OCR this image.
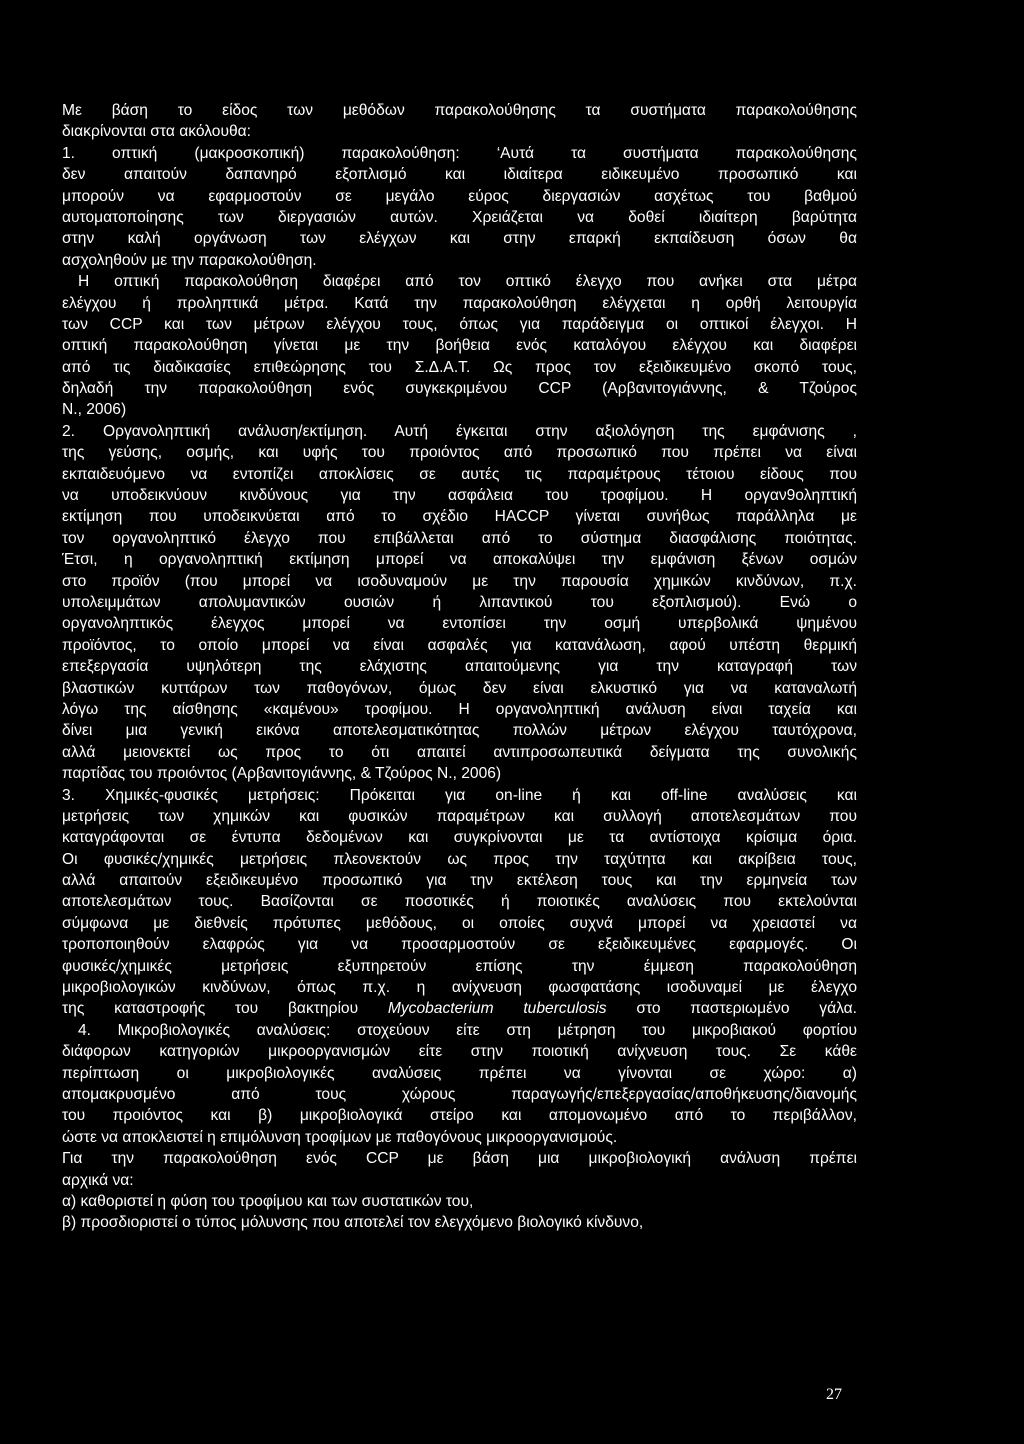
Με βάση το είδος των μεθόδων παρακολούθησης τα συστήματα παρακολούθησης
διακρίνονται στα ακόλουθα:
1. οπτική (μακροσκοπική) παρακολούθηση: ‘Αυτά τα συστήματα παρακολούθησης
δεν απαιτούν δαπανηρό εξοπλισμό και ιδιαίτερα ειδικευμένο προσωπικό και
μπορούν να εφαρμοστούν σε μεγάλο εύρος διεργασιών ασχέτως του βαθμού
αυτοματοποίησης των διεργασιών αυτών. Χρειάζεται να δοθεί ιδιαίτερη βαρύτητα
στην καλή οργάνωση των ελέγχων και στην επαρκή εκπαίδευση όσων θα
ασχοληθούν με την παρακολούθηση.
Η οπτική παρακολούθηση διαφέρει από τον οπτικό έλεγχο που ανήκει στα μέτρα
ελέγχου ή προληπτικά μέτρα. Κατά την παρακολούθηση ελέγχεται η ορθή λειτουργία
των CCP και των μέτρων ελέγχου τους, όπως για παράδειγμα οι οπτικοί έλεγχοι. Η
οπτική παρακολούθηση γίνεται με την βοήθεια ενός καταλόγου ελέγχου και διαφέρει
από τις διαδικασίες επιθεώρησης του Σ.Δ.Α.Τ. Ως προς τον εξειδικευμένο σκοπό τους,
δηλαδή την παρακολούθηση ενός συγκεκριμένου CCP (Αρβανιτογιάννης, & Τζούρος
Ν., 2006)
2. Οργανοληπτική ανάλυση/εκτίμηση. Αυτή έγκειται στην αξιολόγηση της εμφάνισης ,
της γεύσης, οσμής, και υφής του προιόντος από προσωπικό που πρέπει να είναι
εκπαιδευόμενο να εντοπίζει αποκλίσεις σε αυτές τις παραμέτρους τέτοιου είδους που
να υποδεικνύουν κινδύνους για την ασφάλεια του τροφίμου. Η οργαν9οληπτική
εκτίμηση που υποδεικνύεται από το σχέδιο HACCP γίνεται συνήθως παράλληλα με
τον οργανοληπτικό έλεγχο που επιβάλλεται από το σύστημα διασφάλισης ποιότητας.
Έτσι, η οργανοληπτική εκτίμηση μπορεί να αποκαλύψει την εμφάνιση ξένων οσμών
στο προϊόν (που μπορεί να ισοδυναμούν με την παρουσία χημικών κινδύνων, π.χ.
υπολειμμάτων απολυμαντικών ουσιών ή λιπαντικού του εξοπλισμού). Ενώ ο
οργανοληπτικός έλεγχος μπορεί να εντοπίσει την οσμή υπερβολικά ψημένου
προϊόντος, το οποίο μπορεί να είναι ασφαλές για κατανάλωση, αφού υπέστη θερμική
επεξεργασία υψηλότερη της ελάχιστης απαιτούμενης για την καταγραφή των
βλαστικών κυττάρων των παθογόνων, όμως δεν είναι ελκυστικό για να καταναλωτή
λόγω της αίσθησης «καμένου» τροφίμου. Η οργανοληπτική ανάλυση είναι ταχεία και
δίνει μια γενική εικόνα αποτελεσματικότητας πολλών μέτρων ελέγχου ταυτόχρονα,
αλλά μειονεκτεί ως προς το ότι απαιτεί αντιπροσωπευτικά δείγματα της συνολικής
παρτίδας του προιόντος (Αρβανιτογιάννης, & Τζούρος Ν., 2006)
3. Χημικές-φυσικές μετρήσεις: Πρόκειται για on-line ή και off-line αναλύσεις και
μετρήσεις των χημικών και φυσικών παραμέτρων και συλλογή αποτελεσμάτων που
καταγράφονται σε έντυπα δεδομένων και συγκρίνονται με τα αντίστοιχα κρίσιμα όρια.
Οι φυσικές/χημικές μετρήσεις πλεονεκτούν ως προς την ταχύτητα και ακρίβεια τους,
αλλά απαιτούν εξειδικευμένο προσωπικό για την εκτέλεση τους και την ερμηνεία των
αποτελεσμάτων τους. Βασίζονται σε ποσοτικές ή ποιοτικές αναλύσεις που εκτελούνται
σύμφωνα με διεθνείς πρότυπες μεθόδους, οι οποίες συχνά μπορεί να χρειαστεί να
τροποποιηθούν ελαφρώς για να προσαρμοστούν σε εξειδικευμένες εφαρμογές. Οι
φυσικές/χημικές μετρήσεις εξυπηρετούν επίσης την έμμεση παρακολούθηση
μικροβιολογικών κινδύνων, όπως π.χ. η ανίχνευση φωσφατάσης ισοδυναμεί με έλεγχο
της καταστροφής του βακτηρίου Mycobacterium tuberculosis στο παστεριωμένο γάλα.
4. Μικροβιολογικές αναλύσεις: στοχεύουν είτε στη μέτρηση του μικροβιακού φορτίου
διάφορων κατηγοριών μικροοργανισμών είτε στην ποιοτική ανίχνευση τους. Σε κάθε
περίπτωση οι μικροβιολογικές αναλύσεις πρέπει να γίνονται σε χώρο: α)
απομακρυσμένο από τους χώρους παραγωγής/επεξεργασίας/αποθήκευσης/διανομής
του προιόντος και β) μικροβιολογικά στείρο και απομονωμένο από το περιβάλλον,
ώστε να αποκλειστεί η επιμόλυνση τροφίμων με παθογόνους μικροοργανισμούς.
Για την παρακολούθηση ενός CCP με βάση μια μικροβιολογική ανάλυση πρέπει
αρχικά να:
α) καθοριστεί η φύση του τροφίμου και των συστατικών του,
β) προσδιοριστεί ο τύπος μόλυνσης που αποτελεί τον ελεγχόμενο βιολογικό κίνδυνο,
27
